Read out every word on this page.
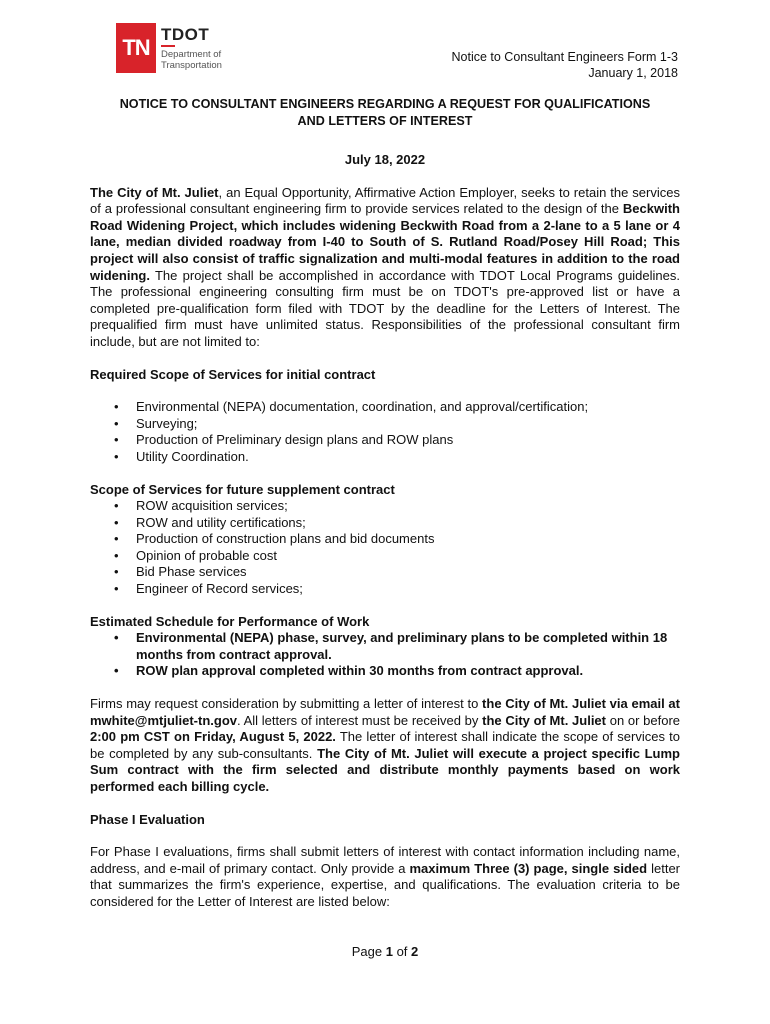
TN
TDOT
Department of
Transportation
Notice to Consultant Engineers Form 1-3
January 1, 2018
NOTICE TO CONSULTANT ENGINEERS REGARDING A REQUEST FOR QUALIFICATIONS
AND LETTERS OF INTEREST
July 18, 2022

The City of Mt. Juliet, an Equal Opportunity, Affirmative Action Employer, seeks to retain the services of a professional consultant engineering firm to provide services related to the design of the Beckwith Road Widening Project, which includes widening Beckwith Road from a 2-lane to a 5 lane or 4 lane, median divided roadway from I-40 to South of S. Rutland Road/Posey Hill Road; This project will also consist of traffic signalization and multi-modal features in addition to the road widening. The project shall be accomplished in accordance with TDOT Local Programs guidelines. The professional engineering consulting firm must be on TDOT's pre-approved list or have a completed pre-qualification form filed with TDOT by the deadline for the Letters of Interest. The prequalified firm must have unlimited status. Responsibilities of the professional consultant firm include, but are not limited to:

Required Scope of Services for initial contract
• Environmental (NEPA) documentation, coordination, and approval/certification;
• Surveying;
• Production of Preliminary design plans and ROW plans
• Utility Coordination.
Scope of Services for future supplement contract
• ROW acquisition services;
• ROW and utility certifications;
• Production of construction plans and bid documents
• Opinion of probable cost
• Bid Phase services
• Engineer of Record services;
Estimated Schedule for Performance of Work
• Environmental (NEPA) phase, survey, and preliminary plans to be completed within 18 months from contract approval.
• ROW plan approval completed within 30 months from contract approval.

Firms may request consideration by submitting a letter of interest to the City of Mt. Juliet via email at mwhite@mtjuliet-tn.gov. All letters of interest must be received by the City of Mt. Juliet on or before 2:00 pm CST on Friday, August 5, 2022. The letter of interest shall indicate the scope of services to be completed by any sub-consultants. The City of Mt. Juliet will execute a project specific Lump Sum contract with the firm selected and distribute monthly payments based on work performed each billing cycle.

Phase I Evaluation

For Phase I evaluations, firms shall submit letters of interest with contact information including name, address, and e-mail of primary contact. Only provide a maximum Three (3) page, single sided letter that summarizes the firm's experience, expertise, and qualifications. The evaluation criteria to be considered for the Letter of Interest are listed below:

Page 1 of 2
